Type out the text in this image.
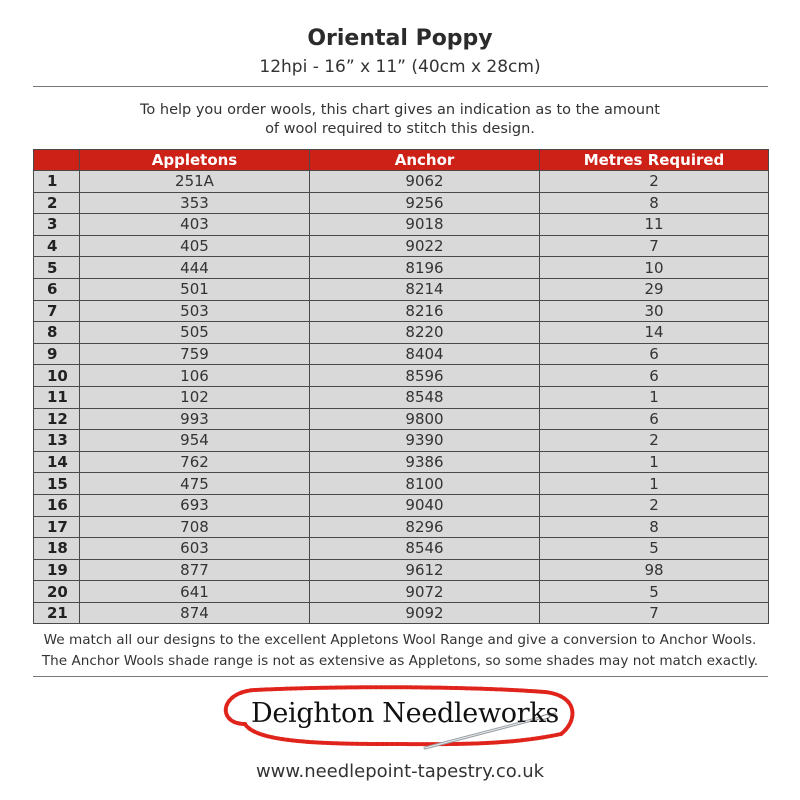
Oriental Poppy
12hpi - 16” x 11” (40cm x 28cm)
To help you order wools, this chart gives an indication as to the amount
of wool required to stitch this design.
	Appletons	Anchor	Metres Required
1	251A	9062	2
2	353	9256	8
3	403	9018	11
4	405	9022	7
5	444	8196	10
6	501	8214	29
7	503	8216	30
8	505	8220	14
9	759	8404	6
10	106	8596	6
11	102	8548	1
12	993	9800	6
13	954	9390	2
14	762	9386	1
15	475	8100	1
16	693	9040	2
17	708	8296	8
18	603	8546	5
19	877	9612	98
20	641	9072	5
21	874	9092	7
We match all our designs to the excellent Appletons Wool Range and give a conversion to Anchor Wools.
The Anchor Wools shade range is not as extensive as Appletons, so some shades may not match exactly.
Deighton Needleworks
www.needlepoint-tapestry.co.uk
